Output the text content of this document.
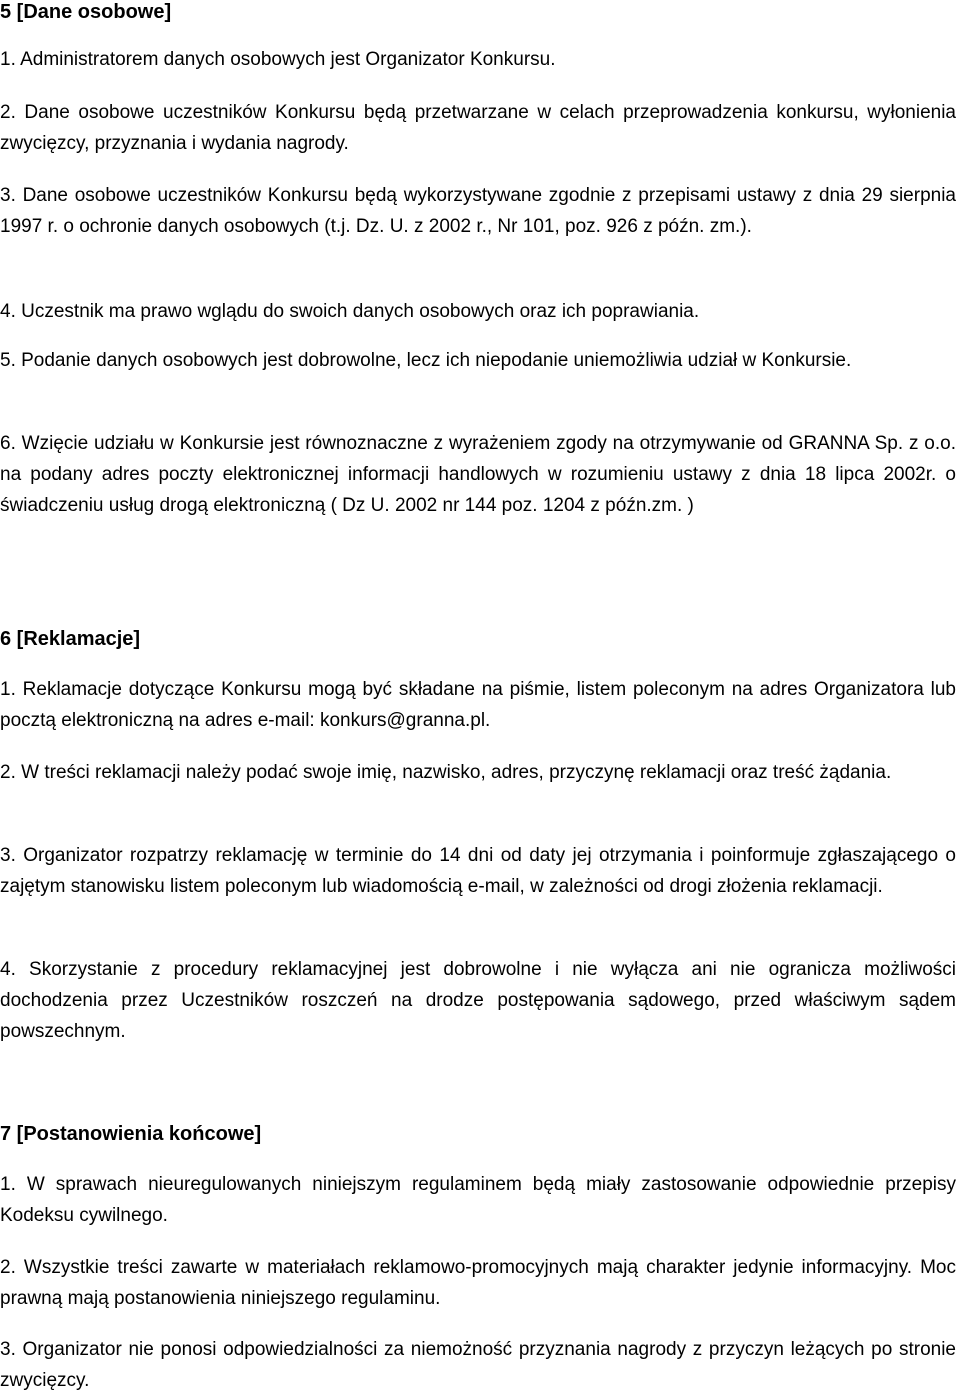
5 [Dane osobowe]

1. Administratorem danych osobowych jest Organizator Konkursu.

2. Dane osobowe uczestników Konkursu będą przetwarzane w celach przeprowadzenia konkursu, wyłonienia zwycięzcy, przyznania i wydania nagrody.

3. Dane osobowe uczestników Konkursu będą wykorzystywane zgodnie z przepisami ustawy z dnia 29 sierpnia 1997 r. o ochronie danych osobowych (t.j. Dz. U. z 2002 r., Nr 101, poz. 926 z późn. zm.).

4. Uczestnik ma prawo wglądu do swoich danych osobowych oraz ich poprawiania.

5. Podanie danych osobowych jest dobrowolne, lecz ich niepodanie uniemożliwia udział w Konkursie.

6. Wzięcie udziału w Konkursie jest równoznaczne z wyrażeniem zgody na otrzymywanie od GRANNA Sp. z o.o. na podany adres poczty elektronicznej informacji handlowych w rozumieniu ustawy z dnia 18 lipca 2002r. o świadczeniu usług drogą elektroniczną ( Dz U. 2002 nr 144 poz. 1204 z późn.zm. )

6 [Reklamacje]

1. Reklamacje dotyczące Konkursu mogą być składane na piśmie, listem poleconym na adres Organizatora lub pocztą elektroniczną na adres e-mail: konkurs@granna.pl.

2. W treści reklamacji należy podać swoje imię, nazwisko, adres, przyczynę reklamacji oraz treść żądania.

3. Organizator rozpatrzy reklamację w terminie do 14 dni od daty jej otrzymania i poinformuje zgłaszającego o zajętym stanowisku listem poleconym lub wiadomością e-mail, w zależności od drogi złożenia reklamacji.

4. Skorzystanie z procedury reklamacyjnej jest dobrowolne i nie wyłącza ani nie ogranicza możliwości dochodzenia przez Uczestników roszczeń na drodze postępowania sądowego, przed właściwym sądem powszechnym.

7 [Postanowienia końcowe]

1. W sprawach nieuregulowanych niniejszym regulaminem będą miały zastosowanie odpowiednie przepisy Kodeksu cywilnego.

2. Wszystkie treści zawarte w materiałach reklamowo-promocyjnych mają charakter jedynie informacyjny. Moc prawną mają postanowienia niniejszego regulaminu.

3. Organizator nie ponosi odpowiedzialności za niemożność przyznania nagrody z przyczyn leżących po stronie zwycięzcy.
